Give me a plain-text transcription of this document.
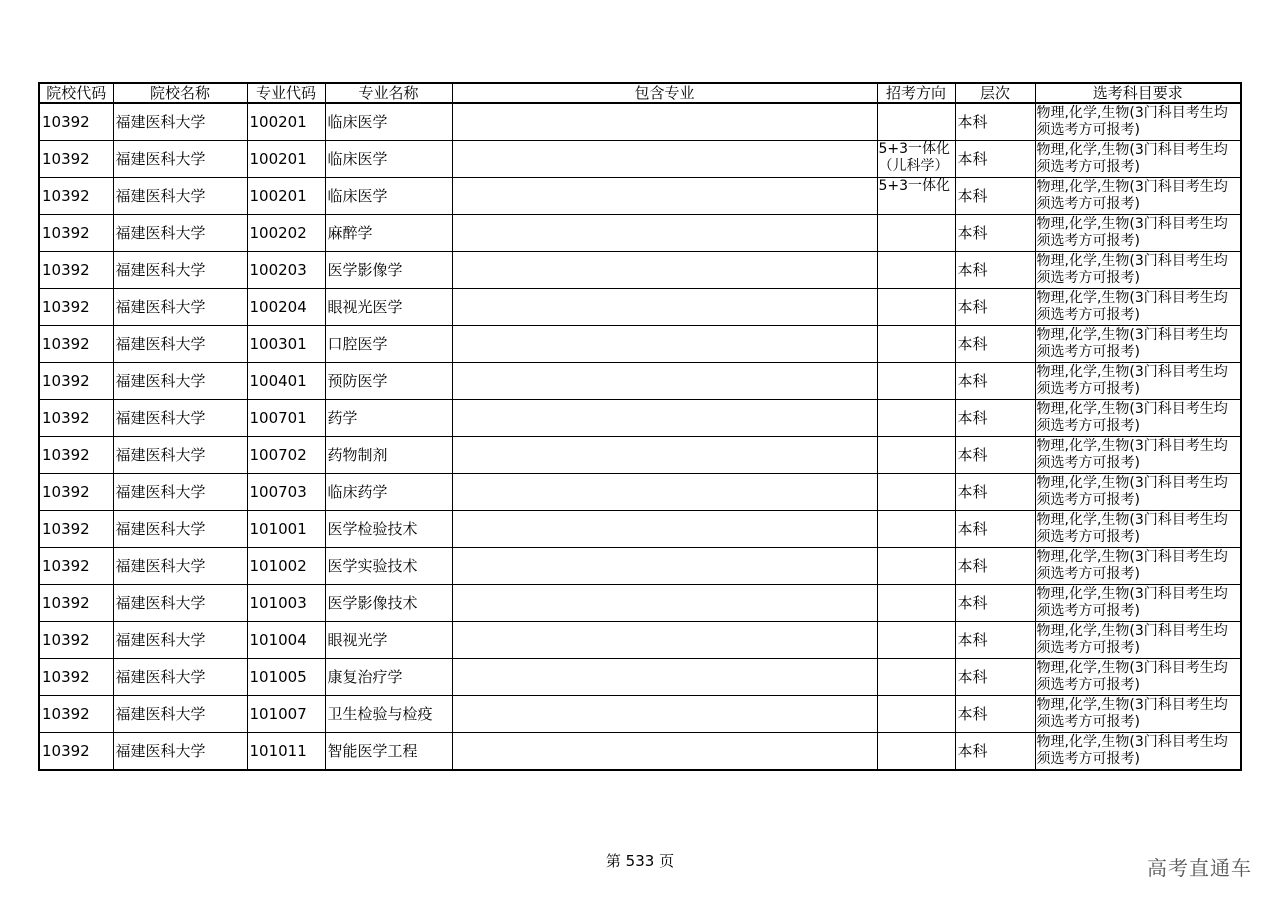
院校代码	院校名称	专业代码	专业名称	包含专业	招考方向	层次	选考科目要求
10392	福建医科大学	100201	临床医学			本科	物理,化学,生物(3门科目考生均须选考方可报考)
10392	福建医科大学	100201	临床医学		5+3一体化（儿科学）	本科	物理,化学,生物(3门科目考生均须选考方可报考)
10392	福建医科大学	100201	临床医学		5+3一体化	本科	物理,化学,生物(3门科目考生均须选考方可报考)
10392	福建医科大学	100202	麻醉学			本科	物理,化学,生物(3门科目考生均须选考方可报考)
10392	福建医科大学	100203	医学影像学			本科	物理,化学,生物(3门科目考生均须选考方可报考)
10392	福建医科大学	100204	眼视光医学			本科	物理,化学,生物(3门科目考生均须选考方可报考)
10392	福建医科大学	100301	口腔医学			本科	物理,化学,生物(3门科目考生均须选考方可报考)
10392	福建医科大学	100401	预防医学			本科	物理,化学,生物(3门科目考生均须选考方可报考)
10392	福建医科大学	100701	药学			本科	物理,化学,生物(3门科目考生均须选考方可报考)
10392	福建医科大学	100702	药物制剂			本科	物理,化学,生物(3门科目考生均须选考方可报考)
10392	福建医科大学	100703	临床药学			本科	物理,化学,生物(3门科目考生均须选考方可报考)
10392	福建医科大学	101001	医学检验技术			本科	物理,化学,生物(3门科目考生均须选考方可报考)
10392	福建医科大学	101002	医学实验技术			本科	物理,化学,生物(3门科目考生均须选考方可报考)
10392	福建医科大学	101003	医学影像技术			本科	物理,化学,生物(3门科目考生均须选考方可报考)
10392	福建医科大学	101004	眼视光学			本科	物理,化学,生物(3门科目考生均须选考方可报考)
10392	福建医科大学	101005	康复治疗学			本科	物理,化学,生物(3门科目考生均须选考方可报考)
10392	福建医科大学	101007	卫生检验与检疫			本科	物理,化学,生物(3门科目考生均须选考方可报考)
10392	福建医科大学	101011	智能医学工程			本科	物理,化学,生物(3门科目考生均须选考方可报考)
第 533 页	高考直通车
